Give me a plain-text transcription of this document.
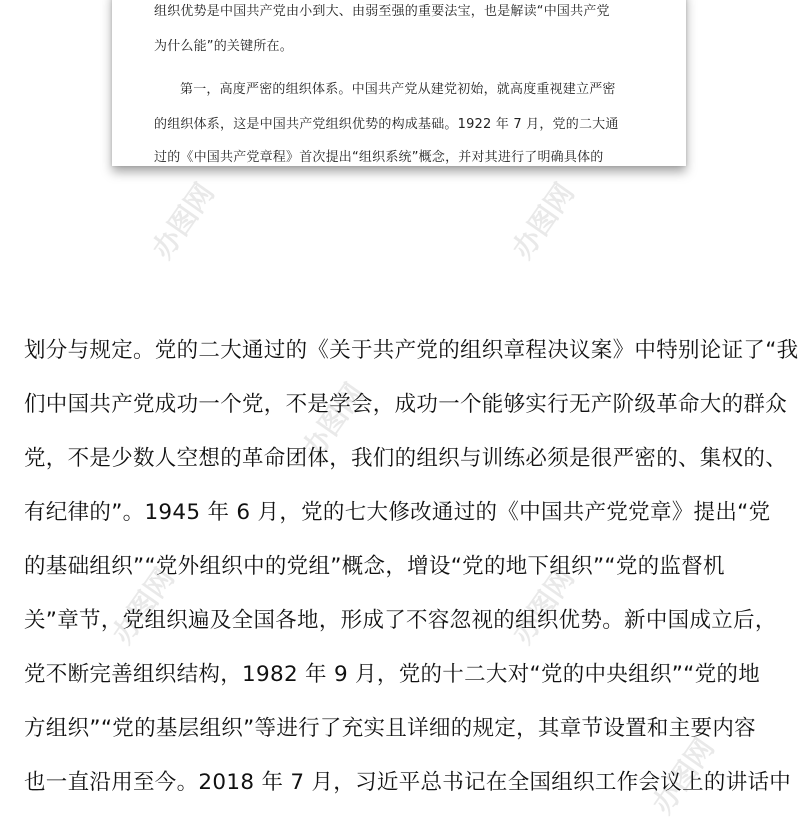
组织优势是中国共产党由小到大、由弱至强的重要法宝，也是解读“中国共产党
为什么能”的关键所在。
第一，高度严密的组织体系。中国共产党从建党初始，就高度重视建立严密
的组织体系，这是中国共产党组织优势的构成基础。1922 年 7 月，党的二大通
过的《中国共产党章程》首次提出“组织系统”概念，并对其进行了明确具体的
办图网	办图网
办图网
办图网	办图网
办图网
划分与规定。党的二大通过的《关于共产党的组织章程决议案》中特别论证了“我
们中国共产党成功一个党，不是学会，成功一个能够实行无产阶级革命大的群众
党，不是少数人空想的革命团体，我们的组织与训练必须是很严密的、集权的、
有纪律的”。1945 年 6 月，党的七大修改通过的《中国共产党党章》提出“党
的基础组织”“党外组织中的党组”概念，增设“党的地下组织”“党的监督机
关”章节，党组织遍及全国各地，形成了不容忽视的组织优势。新中国成立后，
党不断完善组织结构，1982 年 9 月，党的十二大对“党的中央组织”“党的地
方组织”“党的基层组织”等进行了充实且详细的规定，其章节设置和主要内容
也一直沿用至今。2018 年 7 月，习近平总书记在全国组织工作会议上的讲话中
